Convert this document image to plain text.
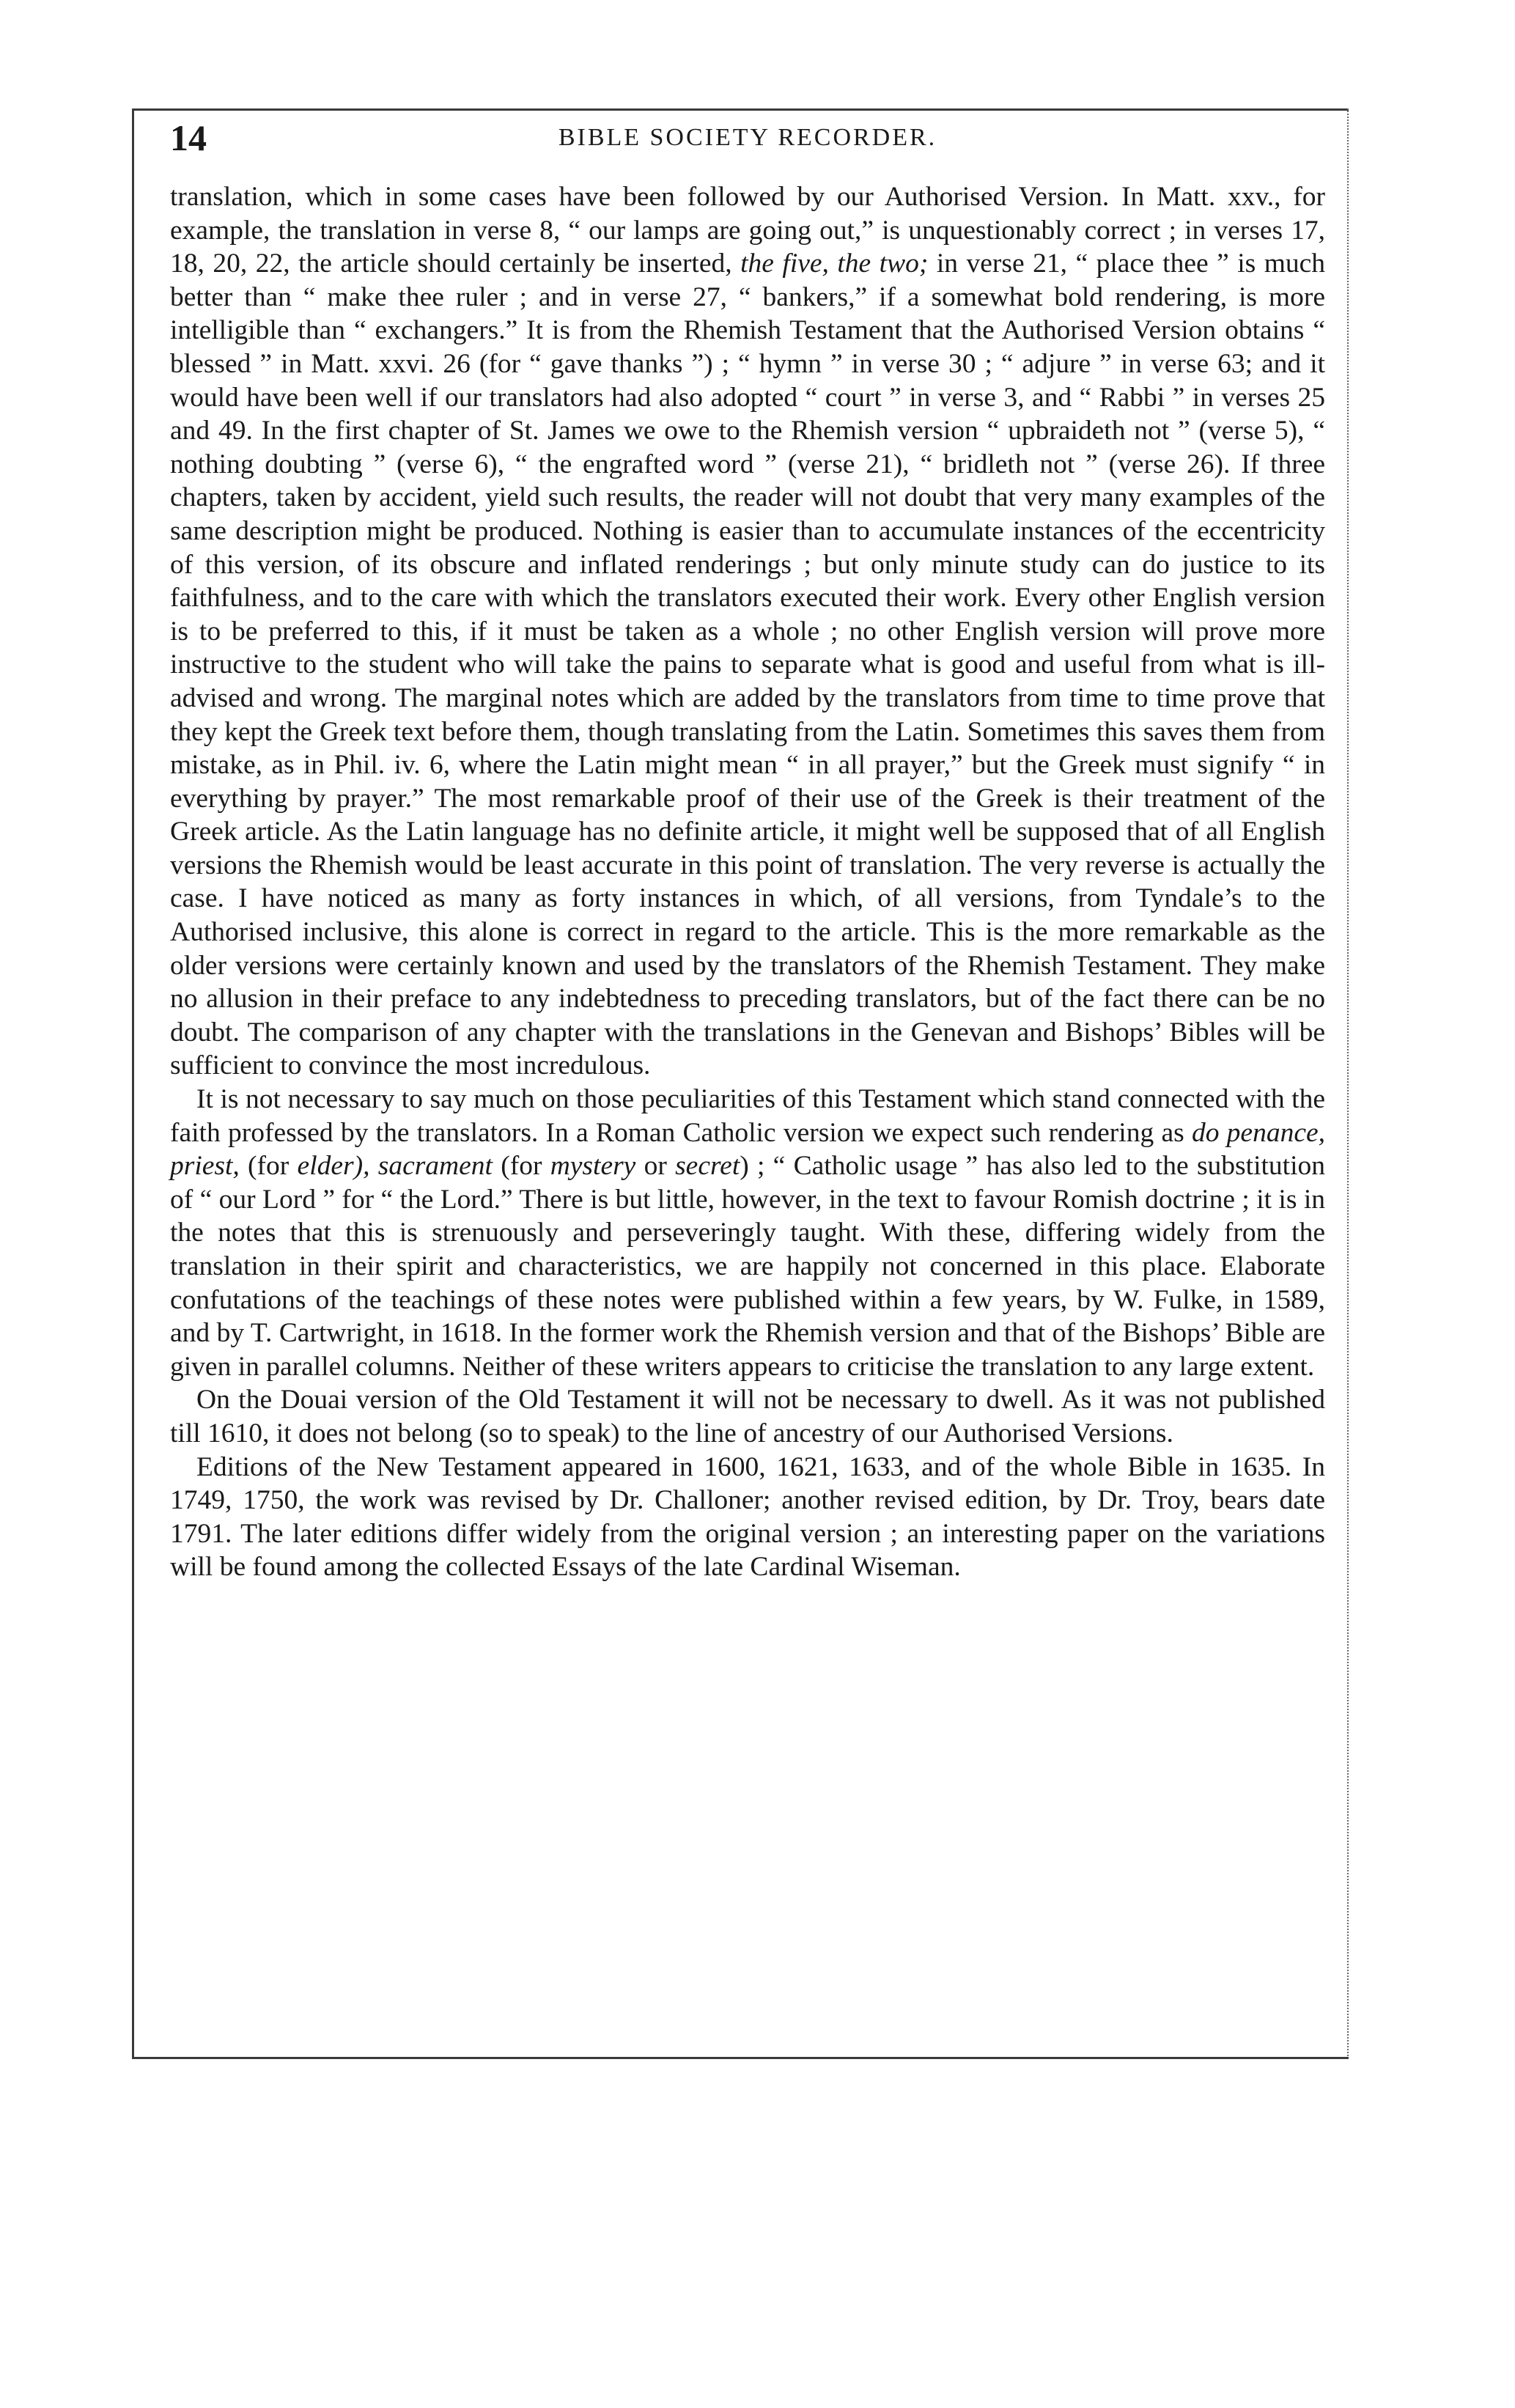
14	BIBLE SOCIETY RECORDER.

translation, which in some cases have been followed by our Authorised Version. In Matt. xxv., for example, the translation in verse 8, “ our lamps are going out,” is unquestionably correct ; in verses 17, 18, 20, 22, the article should certainly be inserted, the five, the two; in verse 21, “ place thee ” is much better than “ make thee ruler ; and in verse 27, “ bankers,” if a somewhat bold rendering, is more intelligible than “ exchangers.” It is from the Rhemish Testament that the Authorised Version obtains “ blessed ” in Matt. xxvi. 26 (for “ gave thanks ”) ; “ hymn ” in verse 30 ; “ adjure ” in verse 63; and it would have been well if our translators had also adopted “ court ” in verse 3, and “ Rabbi ” in verses 25 and 49. In the first chapter of St. James we owe to the Rhemish version “ upbraideth not ” (verse 5), “ nothing doubting ” (verse 6), “ the engrafted word ” (verse 21), “ bridleth not ” (verse 26). If three chapters, taken by accident, yield such results, the reader will not doubt that very many examples of the same description might be produced. Nothing is easier than to accumulate instances of the eccentricity of this version, of its obscure and inflated renderings ; but only minute study can do justice to its faithfulness, and to the care with which the translators executed their work. Every other English version is to be preferred to this, if it must be taken as a whole ; no other English version will prove more instructive to the student who will take the pains to separate what is good and useful from what is ill-advised and wrong. The marginal notes which are added by the translators from time to time prove that they kept the Greek text before them, though translating from the Latin. Sometimes this saves them from mistake, as in Phil. iv. 6, where the Latin might mean “ in all prayer,” but the Greek must signify “ in everything by prayer.” The most remarkable proof of their use of the Greek is their treatment of the Greek article. As the Latin language has no definite article, it might well be supposed that of all English versions the Rhemish would be least accurate in this point of translation. The very reverse is actually the case. I have noticed as many as forty instances in which, of all versions, from Tyndale’s to the Authorised inclusive, this alone is correct in regard to the article. This is the more remarkable as the older versions were certainly known and used by the translators of the Rhemish Testament. They make no allusion in their preface to any indebtedness to preceding translators, but of the fact there can be no doubt. The comparison of any chapter with the translations in the Genevan and Bishops’ Bibles will be sufficient to convince the most incredulous.

It is not necessary to say much on those peculiarities of this Testament which stand connected with the faith professed by the translators. In a Roman Catholic version we expect such rendering as do penance, priest, (for elder), sacrament (for mystery or secret) ; “ Catholic usage ” has also led to the substitution of “ our Lord ” for “ the Lord.” There is but little, however, in the text to favour Romish doctrine ; it is in the notes that this is strenuously and perseveringly taught. With these, differing widely from the translation in their spirit and characteristics, we are happily not concerned in this place. Elaborate confutations of the teachings of these notes were published within a few years, by W. Fulke, in 1589, and by T. Cartwright, in 1618. In the former work the Rhemish version and that of the Bishops’ Bible are given in parallel columns. Neither of these writers appears to criticise the translation to any large extent.

On the Douai version of the Old Testament it will not be necessary to dwell. As it was not published till 1610, it does not belong (so to speak) to the line of ancestry of our Authorised Versions.

Editions of the New Testament appeared in 1600, 1621, 1633, and of the whole Bible in 1635. In 1749, 1750, the work was revised by Dr. Challoner; another revised edition, by Dr. Troy, bears date 1791. The later editions differ widely from the original version ; an interesting paper on the variations will be found among the collected Essays of the late Cardinal Wiseman.
